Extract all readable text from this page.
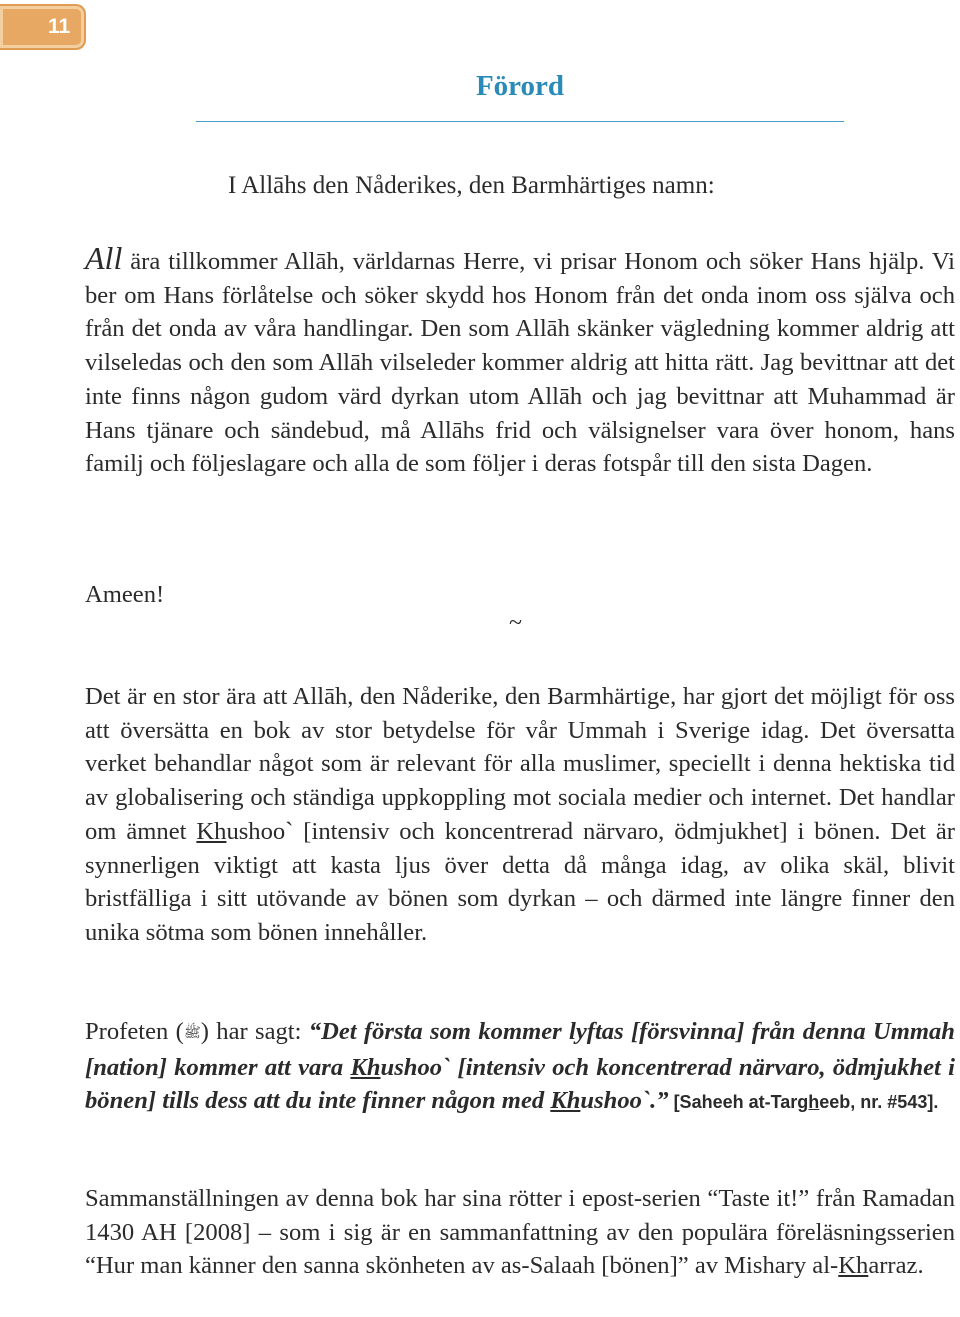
11
Förord
I Allāhs den Nåderikes, den Barmhärtiges namn:
All ära tillkommer Allāh, världarnas Herre, vi prisar Honom och söker Hans hjälp. Vi ber om Hans förlåtelse och söker skydd hos Honom från det onda inom oss själva och från det onda av våra handlingar. Den som Allāh skänker vägledning kommer aldrig att vilseledas och den som Allāh vilseleder kommer aldrig att hitta rätt. Jag bevittnar att det inte finns någon gudom värd dyrkan utom Allāh och jag bevittnar att Muhammad är Hans tjänare och sändebud, må Allāhs frid och välsignelser vara över honom, hans familj och följeslagare och alla de som följer i deras fotspår till den sista Dagen.
Ameen!
~
Det är en stor ära att Allāh, den Nåderike, den Barmhärtige, har gjort det möjligt för oss att översätta en bok av stor betydelse för vår Ummah i Sverige idag. Det översatta verket behandlar något som är relevant för alla muslimer, speciellt i denna hektiska tid av globalisering och ständiga uppkoppling mot sociala medier och internet. Det handlar om ämnet Khushoo` [intensiv och koncentrerad närvaro, ödmjukhet] i bönen. Det är synnerligen viktigt att kasta ljus över detta då många idag, av olika skäl, blivit bristfälliga i sitt utövande av bönen som dyrkan – och därmed inte längre finner den unika sötma som bönen innehåller.
Profeten (ﷺ) har sagt: “Det första som kommer lyftas [försvinna] från denna Ummah [nation] kommer att vara Khushoo` [intensiv och koncentrerad närvaro, ödmjukhet i bönen] tills dess att du inte finner någon med Khushoo`.” [Saheeh at-Targheeb, nr. #543].
Sammanställningen av denna bok har sina rötter i epost-serien “Taste it!” från Ramadan 1430 AH [2008] – som i sig är en sammanfattning av den populära föreläsningsserien “Hur man känner den sanna skönheten av as-Salaah [bönen]” av Mishary al-Kharraz.
